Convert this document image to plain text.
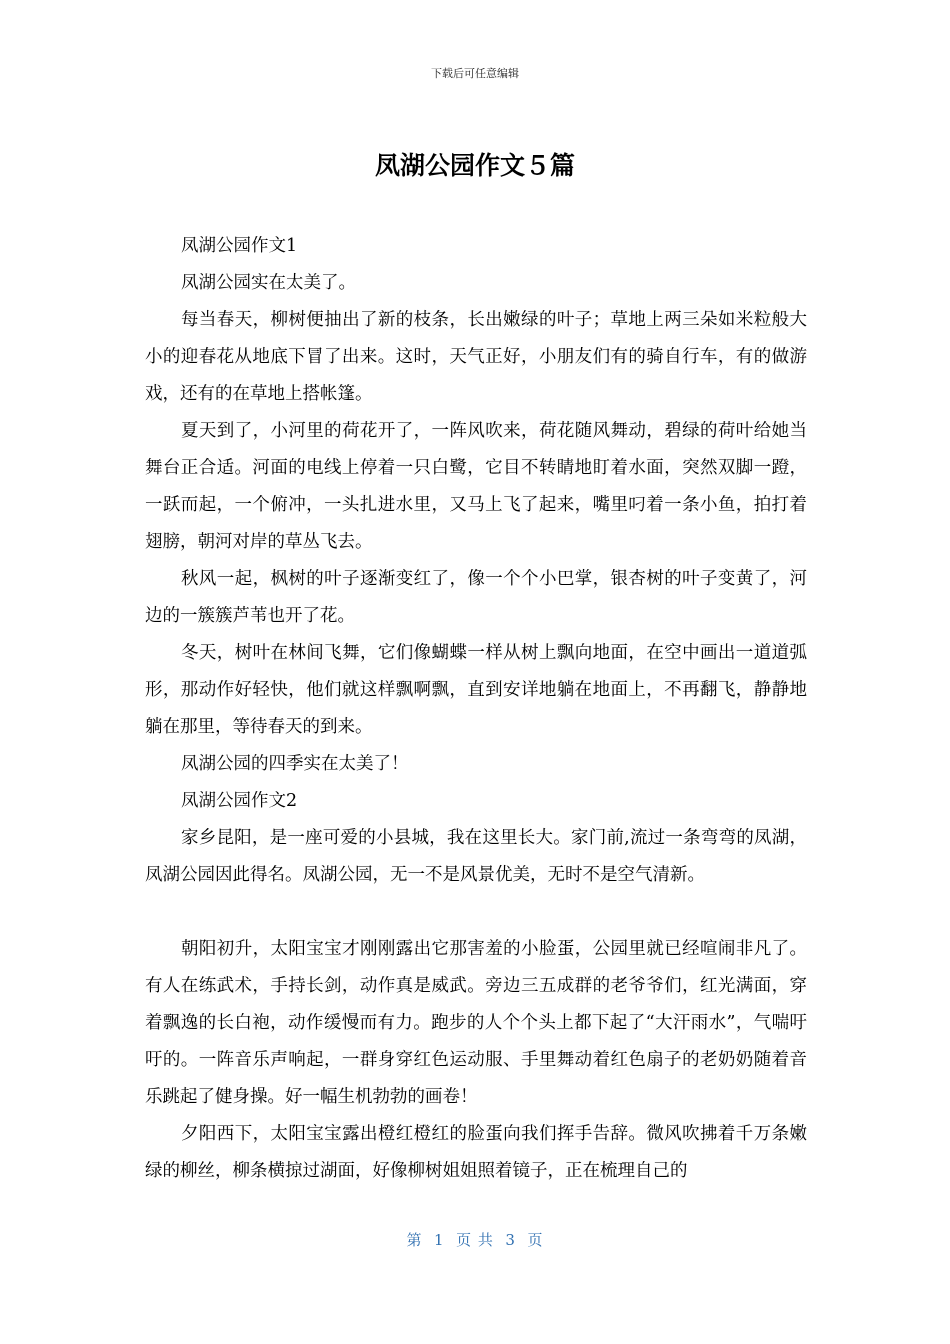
下载后可任意编辑
凤湖公园作文５篇

凤湖公园作文1

凤湖公园实在太美了。

每当春天，柳树便抽出了新的枝条，长出嫩绿的叶子；草地上两三朵如米粒般大小的迎春花从地底下冒了出来。这时，天气正好，小朋友们有的骑自行车，有的做游戏，还有的在草地上搭帐篷。

夏天到了，小河里的荷花开了，一阵风吹来，荷花随风舞动，碧绿的荷叶给她当舞台正合适。河面的电线上停着一只白鹭，它目不转睛地盯着水面，突然双脚一蹬，一跃而起，一个俯冲，一头扎进水里，又马上飞了起来，嘴里叼着一条小鱼，拍打着翅膀，朝河对岸的草丛飞去。

秋风一起，枫树的叶子逐渐变红了，像一个个小巴掌，银杏树的叶子变黄了，河边的一簇簇芦苇也开了花。

冬天，树叶在林间飞舞，它们像蝴蝶一样从树上飘向地面，在空中画出一道道弧形，那动作好轻快，他们就这样飘啊飘，直到安详地躺在地面上，不再翻飞，静静地躺在那里，等待春天的到来。

凤湖公园的四季实在太美了！

凤湖公园作文2

家乡昆阳，是一座可爱的小县城，我在这里长大。家门前,流过一条弯弯的凤湖，凤湖公园因此得名。凤湖公园，无一不是风景优美，无时不是空气清新。

朝阳初升，太阳宝宝才刚刚露出它那害羞的小脸蛋，公园里就已经喧闹非凡了。有人在练武术，手持长剑，动作真是威武。旁边三五成群的老爷爷们，红光满面，穿着飘逸的长白袍，动作缓慢而有力。跑步的人个个头上都下起了“大汗雨水”，气喘吁吁的。一阵音乐声响起，一群身穿红色运动服、手里舞动着红色扇子的老奶奶随着音乐跳起了健身操。好一幅生机勃勃的画卷！

夕阳西下，太阳宝宝露出橙红橙红的脸蛋向我们挥手告辞。微风吹拂着千万条嫩绿的柳丝，柳条横掠过湖面，好像柳树姐姐照着镜子，正在梳理自己的

第  1  页 共  3  页
